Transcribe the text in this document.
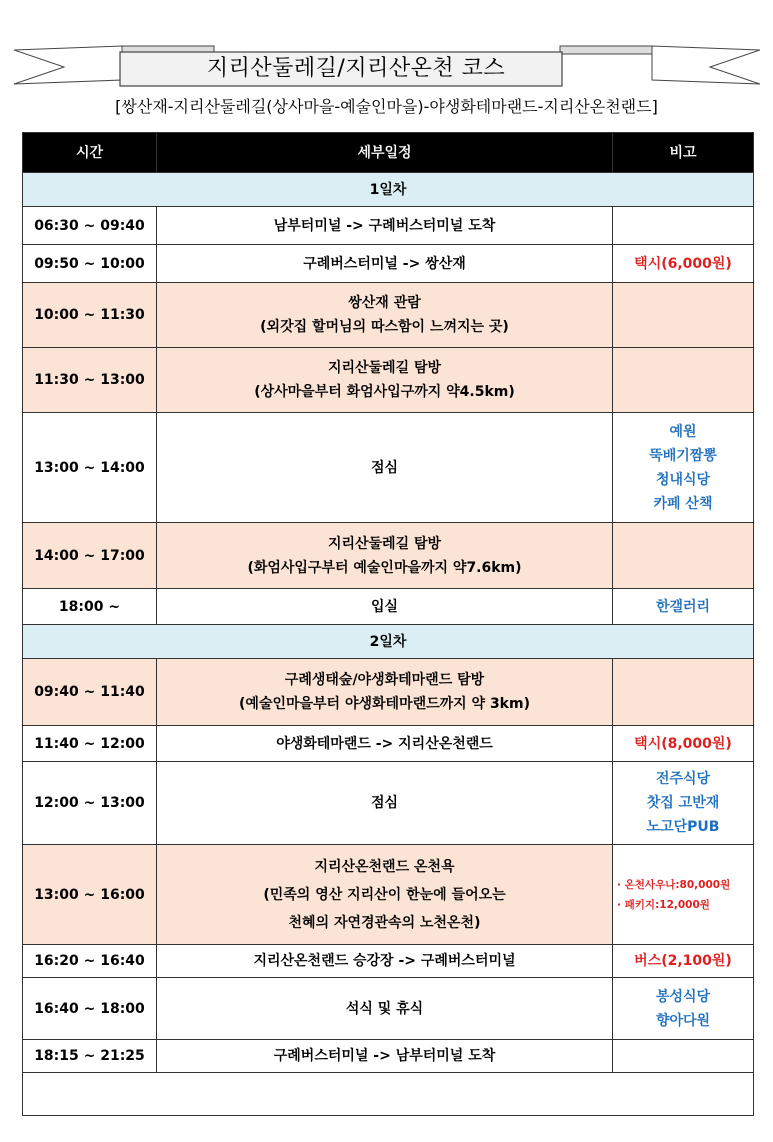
지리산둘레길/지리산온천 코스
[쌍산재-지리산둘레길(상사마을-예술인마을)-야생화테마랜드-지리산온천랜드]
시간	세부일정	비고
1일차		
06:30 ~ 09:40	남부터미널 -> 구례버스터미널 도착	
09:50 ~ 10:00	구례버스터미널 -> 쌍산재	택시(6,000원)
10:00 ~ 11:30	쌍산재 관람
(외갓집 할머님의 따스함이 느껴지는 곳)	

11:30 ~ 13:00	지리산둘레길 탐방
(상사마을부터 화엄사입구까지 약4.5km)	

13:00 ~ 14:00	점심	예원
뚝배기짬뽕
청내식당
카페 산책

14:00 ~ 17:00	지리산둘레길 탐방
(화엄사입구부터 예술인마을까지 약7.6km)	

18:00 ~	입실	한갤러리
2일차		
09:40 ~ 11:40	구례생태숲/야생화테마랜드 탐방
(예술인마을부터 야생화테마랜드까지 약 3km)	

11:40 ~ 12:00	야생화테마랜드 -> 지리산온천랜드	택시(8,000원)
12:00 ~ 13:00	점심	전주식당
찻집 고반재
노고단PUB

13:00 ~ 16:00	지리산온천랜드 온천욕
(민족의 영산 지리산이 한눈에 들어오는
천혜의 자연경관속의 노천온천)	· 온천사우나:80,000원
· 패키지:12,000원

16:20 ~ 16:40	지리산온천랜드 승강장 -> 구례버스터미널	버스(2,100원)
16:40 ~ 18:00	석식 및 휴식	봉성식당
향아다원

18:15 ~ 21:25	구례버스터미널 -> 남부터미널 도착	
